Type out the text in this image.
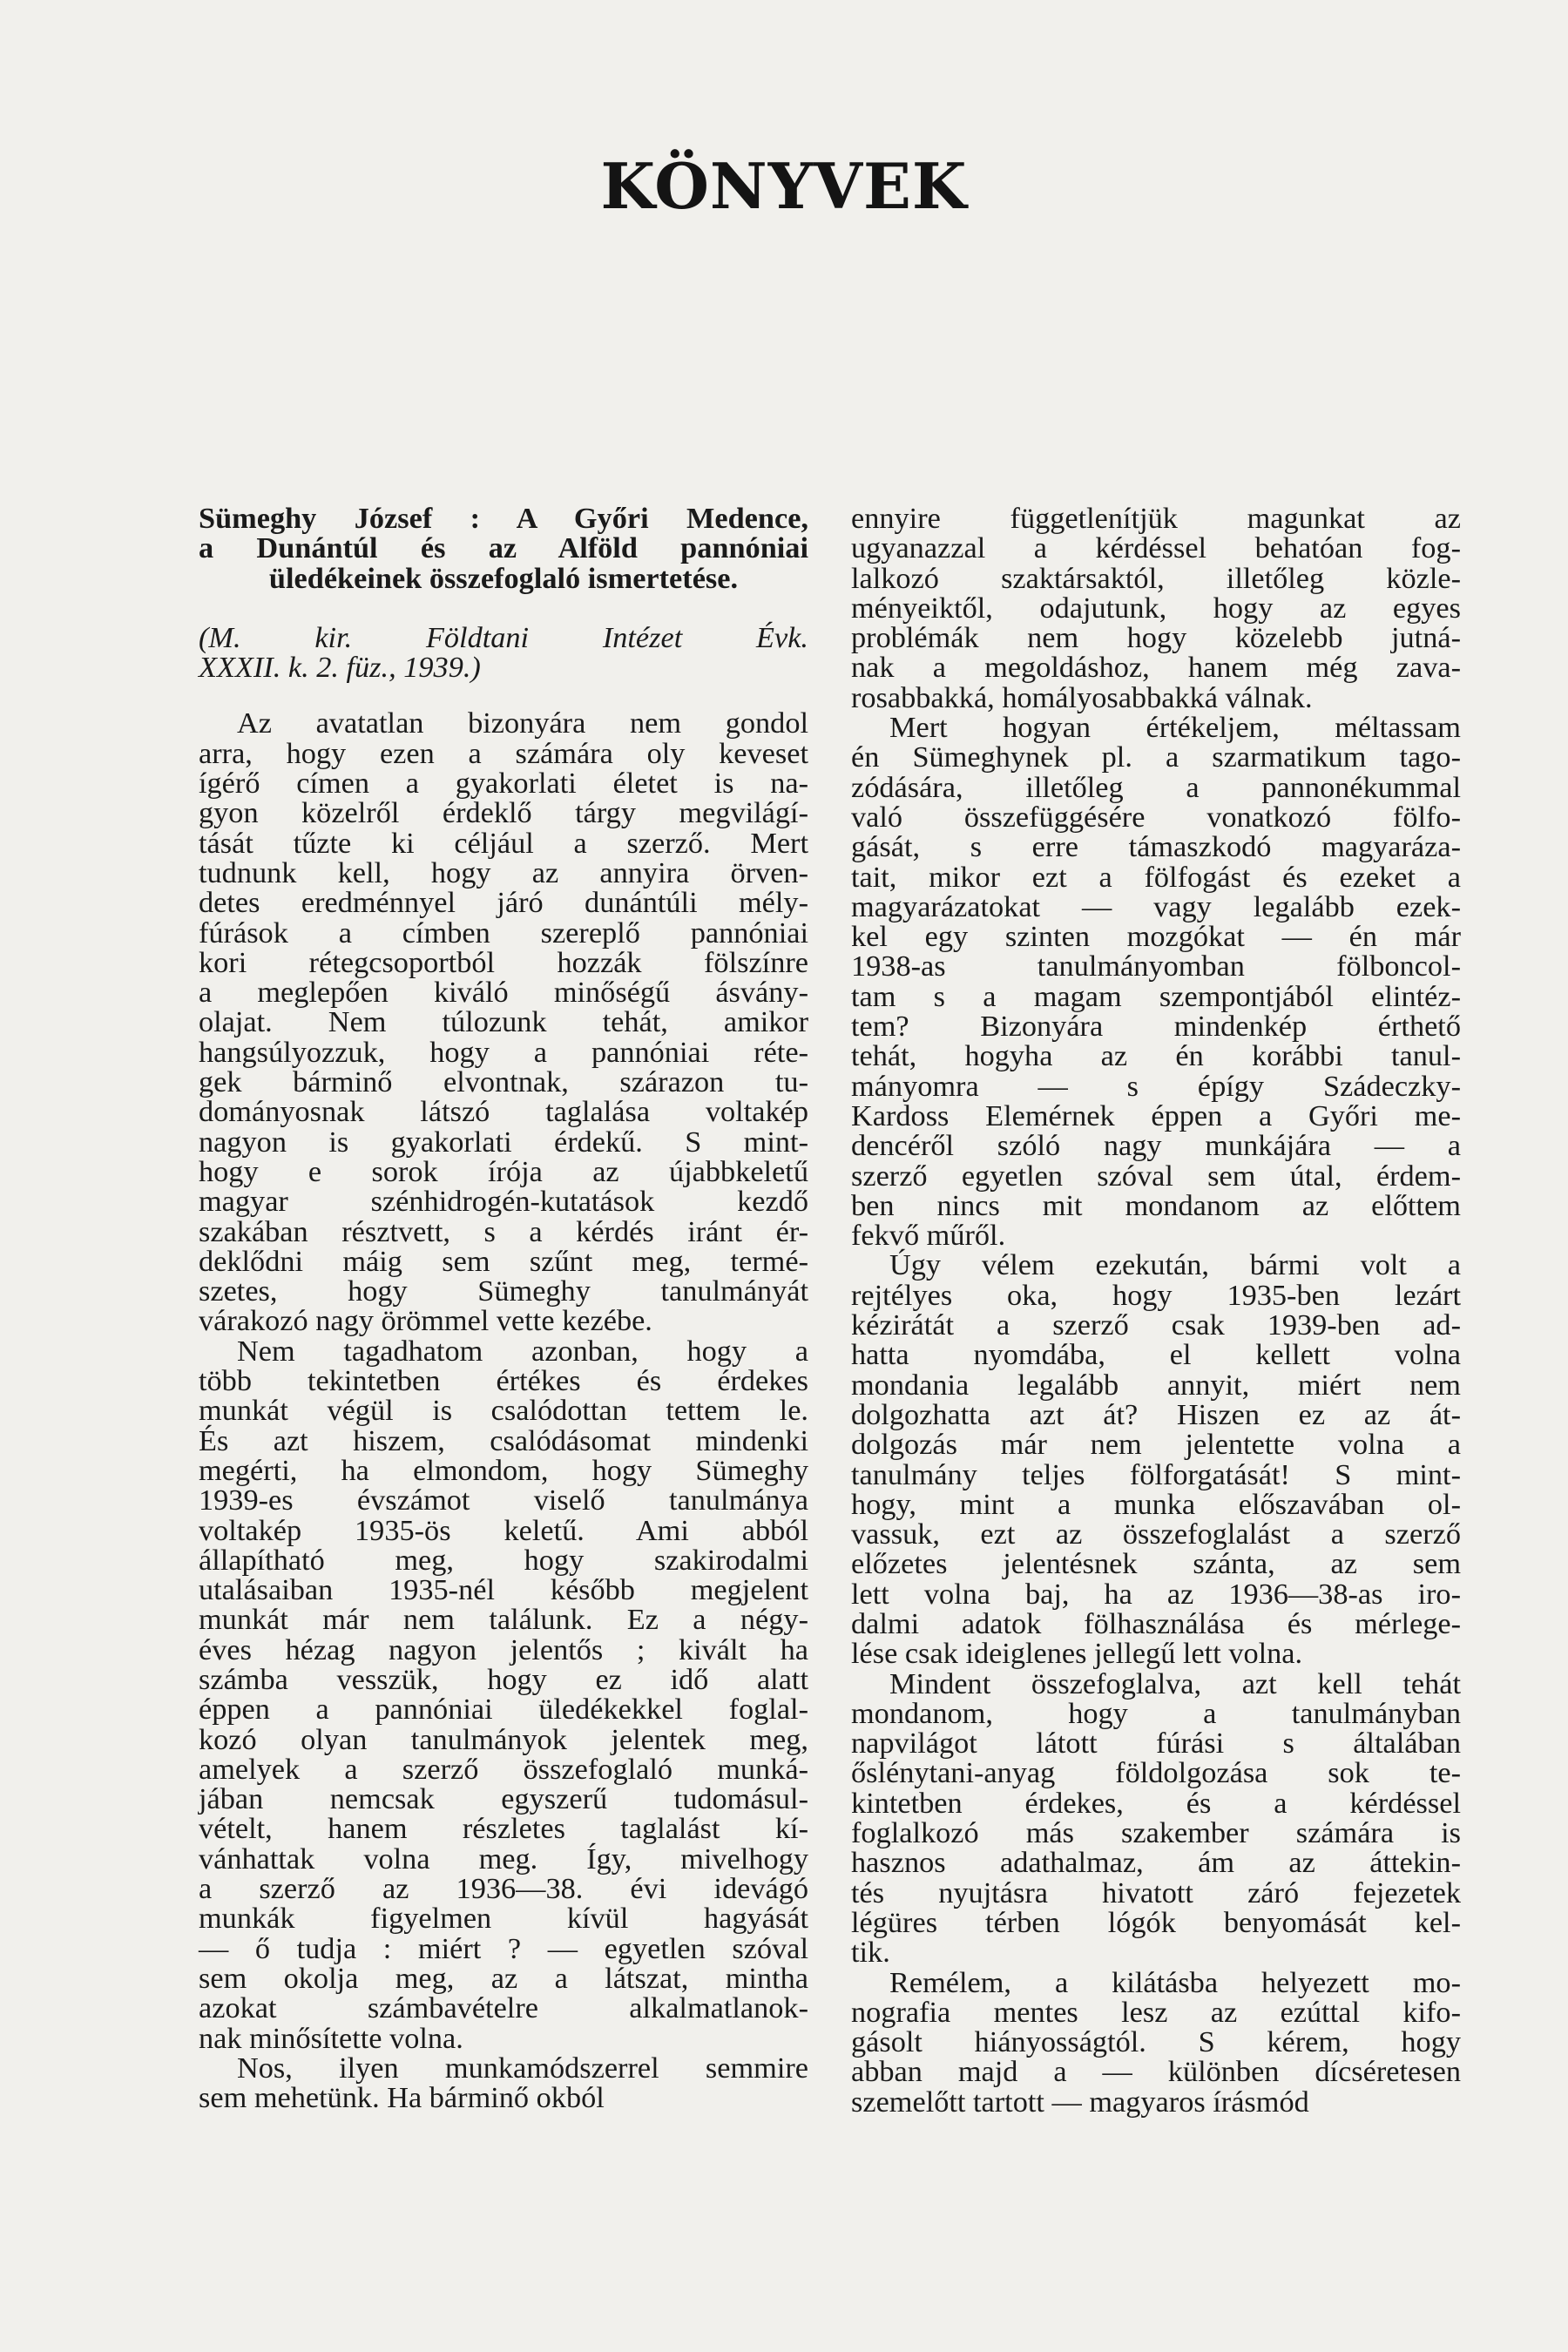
KÖNYVEK
Sümeghy József : A Győri Medence,
a Dunántúl és az Alföld pannóniai
üledékeinek összefoglaló ismertetése.
(M. kir. Földtani Intézet Évk.
XXXII. k. 2. füz., 1939.)

Az avatatlan bizonyára nem gondol

arra, hogy ezen a számára oly keveset

ígérő címen a gyakorlati életet is na-

gyon közelről érdeklő tárgy megvilágí-

tását tűzte ki céljául a szerző. Mert

tudnunk kell, hogy az annyira örven-

detes eredménnyel járó dunántúli mély-

fúrások a címben szereplő pannóniai

kori rétegcsoportból hozzák fölszínre

a meglepően kiváló minőségű ásvány-

olajat. Nem túlozunk tehát, amikor

hangsúlyozzuk, hogy a pannóniai réte-

gek bárminő elvontnak, szárazon tu-

dományosnak látszó taglalása voltakép

nagyon is gyakorlati érdekű. S mint-

hogy e sorok írója az újabbkeletű

magyar szénhidrogén-kutatások kezdő

szakában résztvett, s a kérdés iránt ér-

deklődni máig sem szűnt meg, termé-

szetes, hogy Sümeghy tanulmányát

várakozó nagy örömmel vette kezébe.

Nem tagadhatom azonban, hogy a

több tekintetben értékes és érdekes

munkát végül is csalódottan tettem le.

És azt hiszem, csalódásomat mindenki

megérti, ha elmondom, hogy Sümeghy

1939-es évszámot viselő tanulmánya

voltakép 1935-ös keletű. Ami abból

állapítható meg, hogy szakirodalmi

utalásaiban 1935-nél később megjelent

munkát már nem találunk. Ez a négy-

éves hézag nagyon jelentős ; kivált ha

számba vesszük, hogy ez idő alatt

éppen a pannóniai üledékekkel foglal-

kozó olyan tanulmányok jelentek meg,

amelyek a szerző összefoglaló munká-

jában nemcsak egyszerű tudomásul-

vételt, hanem részletes taglalást kí-

vánhattak volna meg. Így, mivelhogy

a szerző az 1936—38. évi idevágó

munkák figyelmen kívül hagyását

— ő tudja : miért ? — egyetlen szóval

sem okolja meg, az a látszat, mintha

azokat számbavételre alkalmatlanok-

nak minősítette volna.

Nos, ilyen munkamódszerrel semmire

sem mehetünk. Ha bárminő okból

ennyire függetlenítjük magunkat az

ugyanazzal a kérdéssel behatóan fog-

lalkozó szaktársaktól, illetőleg közle-

ményeiktől, odajutunk, hogy az egyes

problémák nem hogy közelebb jutná-

nak a megoldáshoz, hanem még zava-

rosabbakká, homályosabbakká válnak.

Mert hogyan értékeljem, méltassam

én Sümeghynek pl. a szarmatikum tago-

zódására, illetőleg a pannonékummal

való összefüggésére vonatkozó fölfo-

gását, s erre támaszkodó magyaráza-

tait, mikor ezt a fölfogást és ezeket a

magyarázatokat — vagy legalább ezek-

kel egy szinten mozgókat — én már

1938-as tanulmányomban fölboncol-

tam s a magam szempontjából elintéz-

tem? Bizonyára mindenkép érthető

tehát, hogyha az én korábbi tanul-

mányomra — s épígy Szádeczky-

Kardoss Elemérnek éppen a Győri me-

dencéről szóló nagy munkájára — a

szerző egyetlen szóval sem útal, érdem-

ben nincs mit mondanom az előttem

fekvő műről.

Úgy vélem ezekután, bármi volt a

rejtélyes oka, hogy 1935-ben lezárt

kézirátát a szerző csak 1939-ben ad-

hatta nyomdába, el kellett volna

mondania legalább annyit, miért nem

dolgozhatta azt át? Hiszen ez az át-

dolgozás már nem jelentette volna a

tanulmány teljes fölforgatását! S mint-

hogy, mint a munka előszavában ol-

vassuk, ezt az összefoglalást a szerző

előzetes jelentésnek szánta, az sem

lett volna baj, ha az 1936—38-as iro-

dalmi adatok fölhasználása és mérlege-

lése csak ideiglenes jellegű lett volna.

Mindent összefoglalva, azt kell tehát

mondanom, hogy a tanulmányban

napvilágot látott fúrási s általában

őslénytani-anyag földolgozása sok te-

kintetben érdekes, és a kérdéssel

foglalkozó más szakember számára is

hasznos adathalmaz, ám az áttekin-

tés nyujtásra hivatott záró fejezetek

légüres térben lógók benyomását kel-

tik.

Remélem, a kilátásba helyezett mo-

nografia mentes lesz az ezúttal kifo-

gásolt hiányosságtól. S kérem, hogy

abban majd a — különben dícséretesen

szemelőtt tartott — magyaros írásmód
